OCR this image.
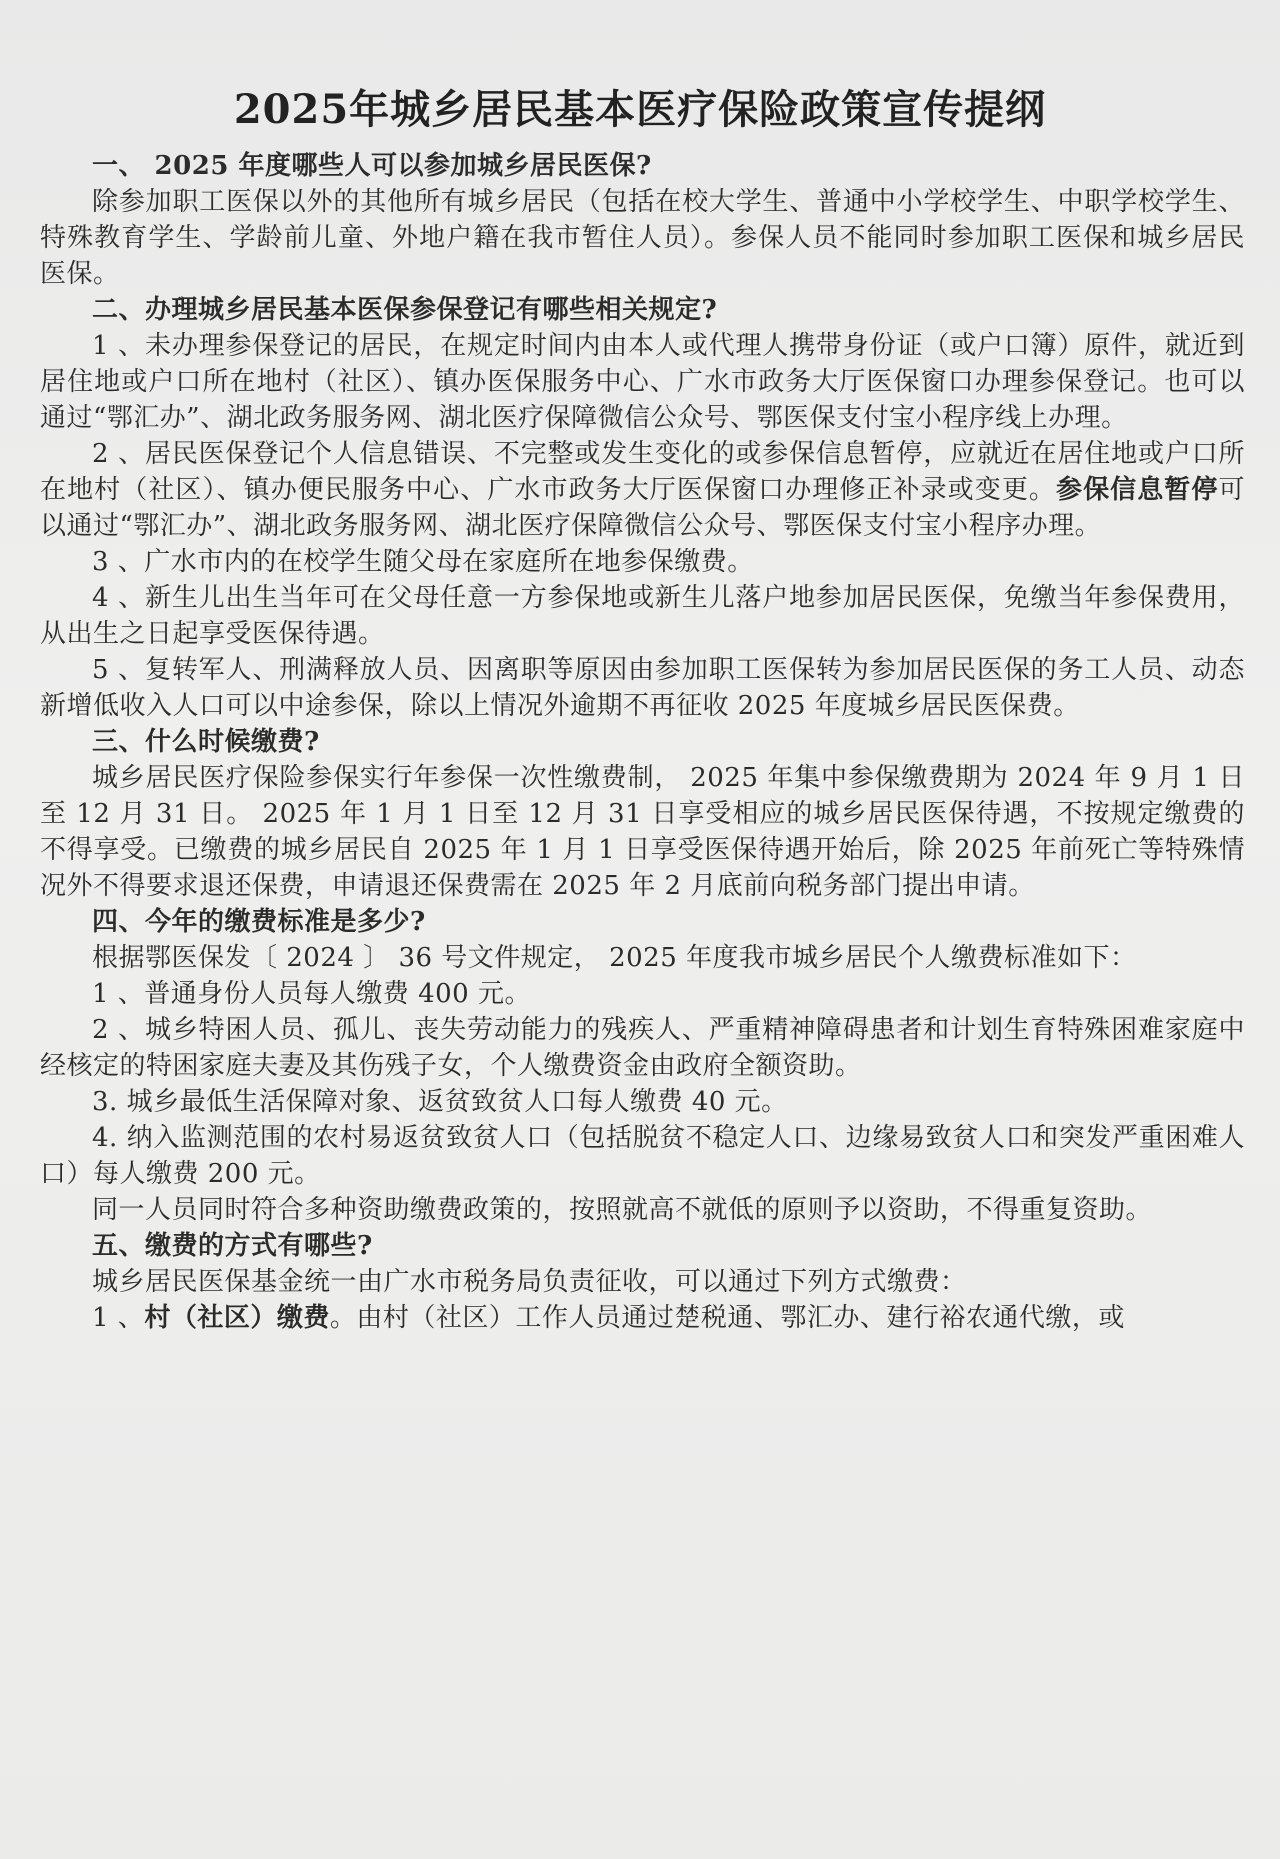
2025年城乡居民基本医疗保险政策宣传提纲

一、 2025 年度哪些人可以参加城乡居民医保?

除参加职工医保以外的其他所有城乡居民（包括在校大学生、普通中小学校学生、中职学校学生、特殊教育学生、学龄前儿童、外地户籍在我市暂住人员）。参保人员不能同时参加职工医保和城乡居民医保。

二、办理城乡居民基本医保参保登记有哪些相关规定?

1 、未办理参保登记的居民，在规定时间内由本人或代理人携带身份证（或户口簿）原件，就近到居住地或户口所在地村（社区）、镇办医保服务中心、广水市政务大厅医保窗口办理参保登记。也可以通过“鄂汇办”、湖北政务服务网、湖北医疗保障微信公众号、鄂医保支付宝小程序线上办理。

2 、居民医保登记个人信息错误、不完整或发生变化的或参保信息暂停，应就近在居住地或户口所在地村（社区）、镇办便民服务中心、广水市政务大厅医保窗口办理修正补录或变更。参保信息暂停可以通过“鄂汇办”、湖北政务服务网、湖北医疗保障微信公众号、鄂医保支付宝小程序办理。

3 、广水市内的在校学生随父母在家庭所在地参保缴费。

4 、新生儿出生当年可在父母任意一方参保地或新生儿落户地参加居民医保，免缴当年参保费用，从出生之日起享受医保待遇。

5 、复转军人、刑满释放人员、因离职等原因由参加职工医保转为参加居民医保的务工人员、动态新增低收入人口可以中途参保，除以上情况外逾期不再征收 2025 年度城乡居民医保费。

三、什么时候缴费?

城乡居民医疗保险参保实行年参保一次性缴费制， 2025 年集中参保缴费期为 2024 年 9 月 1 日至 12 月 31 日。 2025 年 1 月 1 日至 12 月 31 日享受相应的城乡居民医保待遇，不按规定缴费的不得享受。已缴费的城乡居民自 2025 年 1 月 1 日享受医保待遇开始后，除 2025 年前死亡等特殊情况外不得要求退还保费，申请退还保费需在 2025 年 2 月底前向税务部门提出申请。

四、今年的缴费标准是多少?

根据鄂医保发〔 2024 〕 36 号文件规定， 2025 年度我市城乡居民个人缴费标准如下：

1 、普通身份人员每人缴费 400 元。

2 、城乡特困人员、孤儿、丧失劳动能力的残疾人、严重精神障碍患者和计划生育特殊困难家庭中经核定的特困家庭夫妻及其伤残子女，个人缴费资金由政府全额资助。

3. 城乡最低生活保障对象、返贫致贫人口每人缴费 40 元。

4. 纳入监测范围的农村易返贫致贫人口（包括脱贫不稳定人口、边缘易致贫人口和突发严重困难人口）每人缴费 200 元。

同一人员同时符合多种资助缴费政策的，按照就高不就低的原则予以资助，不得重复资助。

五、缴费的方式有哪些?

城乡居民医保基金统一由广水市税务局负责征收，可以通过下列方式缴费：

1 、村（社区）缴费。由村（社区）工作人员通过楚税通、鄂汇办、建行裕农通代缴，或
